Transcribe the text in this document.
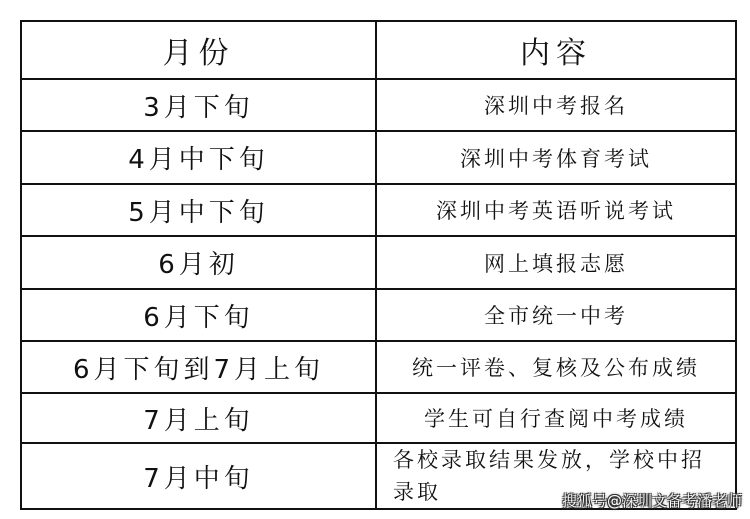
月份	内容
3月下旬	深圳中考报名
4月中下旬	深圳中考体育考试
5月中下旬	深圳中考英语听说考试
6月初	网上填报志愿
6月下旬	全市统一中考
6月下旬到7月上旬	统一评卷、复核及公布成绩
7月上旬	学生可自行查阅中考成绩
7月中旬	各校录取结果发放，学校中招录取	搜狐号@深圳文备考潘老师
